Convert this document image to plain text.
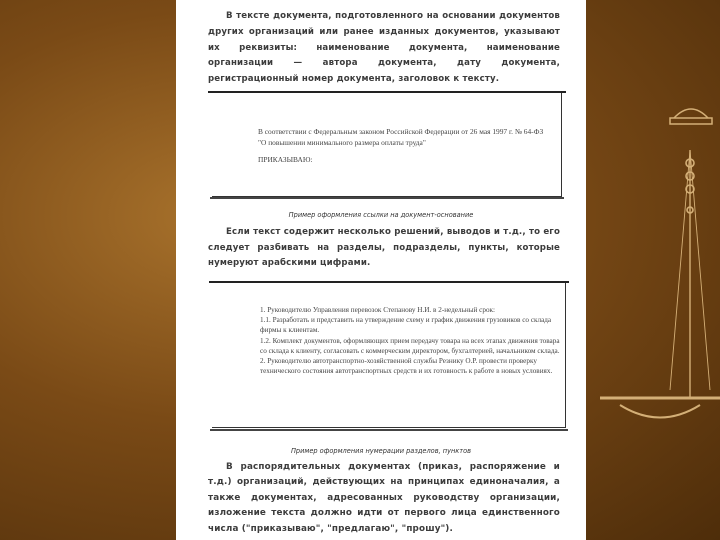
В тексте документа, подготовленного на основании документов других организаций или ранее изданных документов, указывают их реквизиты: наименование документа, наименование организации — автора документа, дату документа, регистрационный номер документа, заголовок к тексту.

В соответствии с Федеральным законом Российской Федерации от 26 мая 1997 г. № 64-ФЗ "О повышении минимального размера оплаты труда"
ПРИКАЗЫВАЮ:
Пример оформления ссылки на документ-основание

Если текст содержит несколько решений, выводов и т.д., то его следует разбивать на разделы, подразделы, пункты, которые нумеруют арабскими цифрами.

1. Руководителю Управления перевозок Степанову Н.И. в 2-недельный срок:
1.1. Разработать и представить на утверждение схему и график движения грузовиков со склада фирмы к клиентам.
1.2. Комплект документов, оформляющих прием передачу товара на всех этапах движения товара со склада к клиенту, согласовать с коммерческим директором, бухгалтерией, начальником склада.
2. Руководителю автотранспортно-хозяйственной службы Резнику О.Р. провести проверку технического состояния автотранспортных средств и их готовность к работе в новых условиях.
Пример оформления нумерации разделов, пунктов

В распорядительных документах (приказ, распоряжение и т.д.) организаций, действующих на принципах единоначалия, а также документах, адресованных руководству организации, изложение текста должно идти от первого лица единственного числа ("приказываю", "предлагаю", "прошу").
